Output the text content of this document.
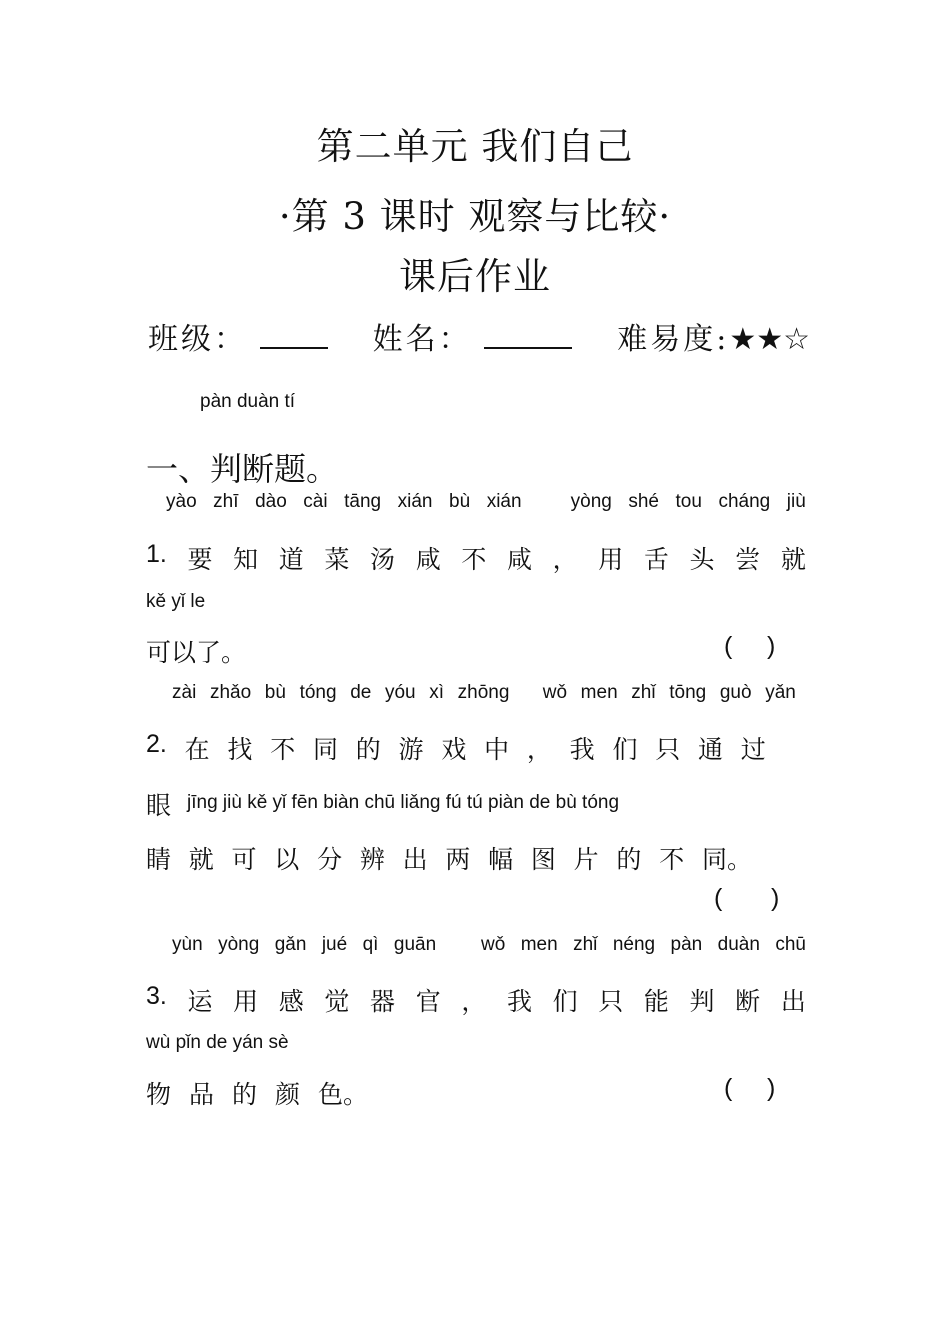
第二单元 我们自己
·第 3 课时 观察与比较·
课后作业
班级：	姓名：	难易度:★★☆
pàn duàn tí
一、判断题。
yào zhī dào cài tāng xián bù xián	yòng shé tou cháng jiù
1. 要 知 道 菜 汤 咸 不 咸 ， 用 舌 头 尝 就
kě yǐ le
可以了。	(     )
zài zhǎo bù tóng de yóu xì zhōng wǒ men zhǐ tōng guò yǎn
2. 在 找 不 同 的 游 戏 中 ， 我 们 只 通 过
眼 jīng jiù kě yǐ fēn biàn chū liǎng fú tú piàn de bù tóng
睛 就 可 以 分 辨 出 两 幅 图 片 的 不 同。
(       )
yùn yòng gǎn jué qì guān wǒ men zhǐ néng pàn duàn chū
3. 运 用 感 觉 器 官 ， 我 们 只 能 判 断 出
wù pǐn de yán sè
物 品 的 颜 色。	(     )
